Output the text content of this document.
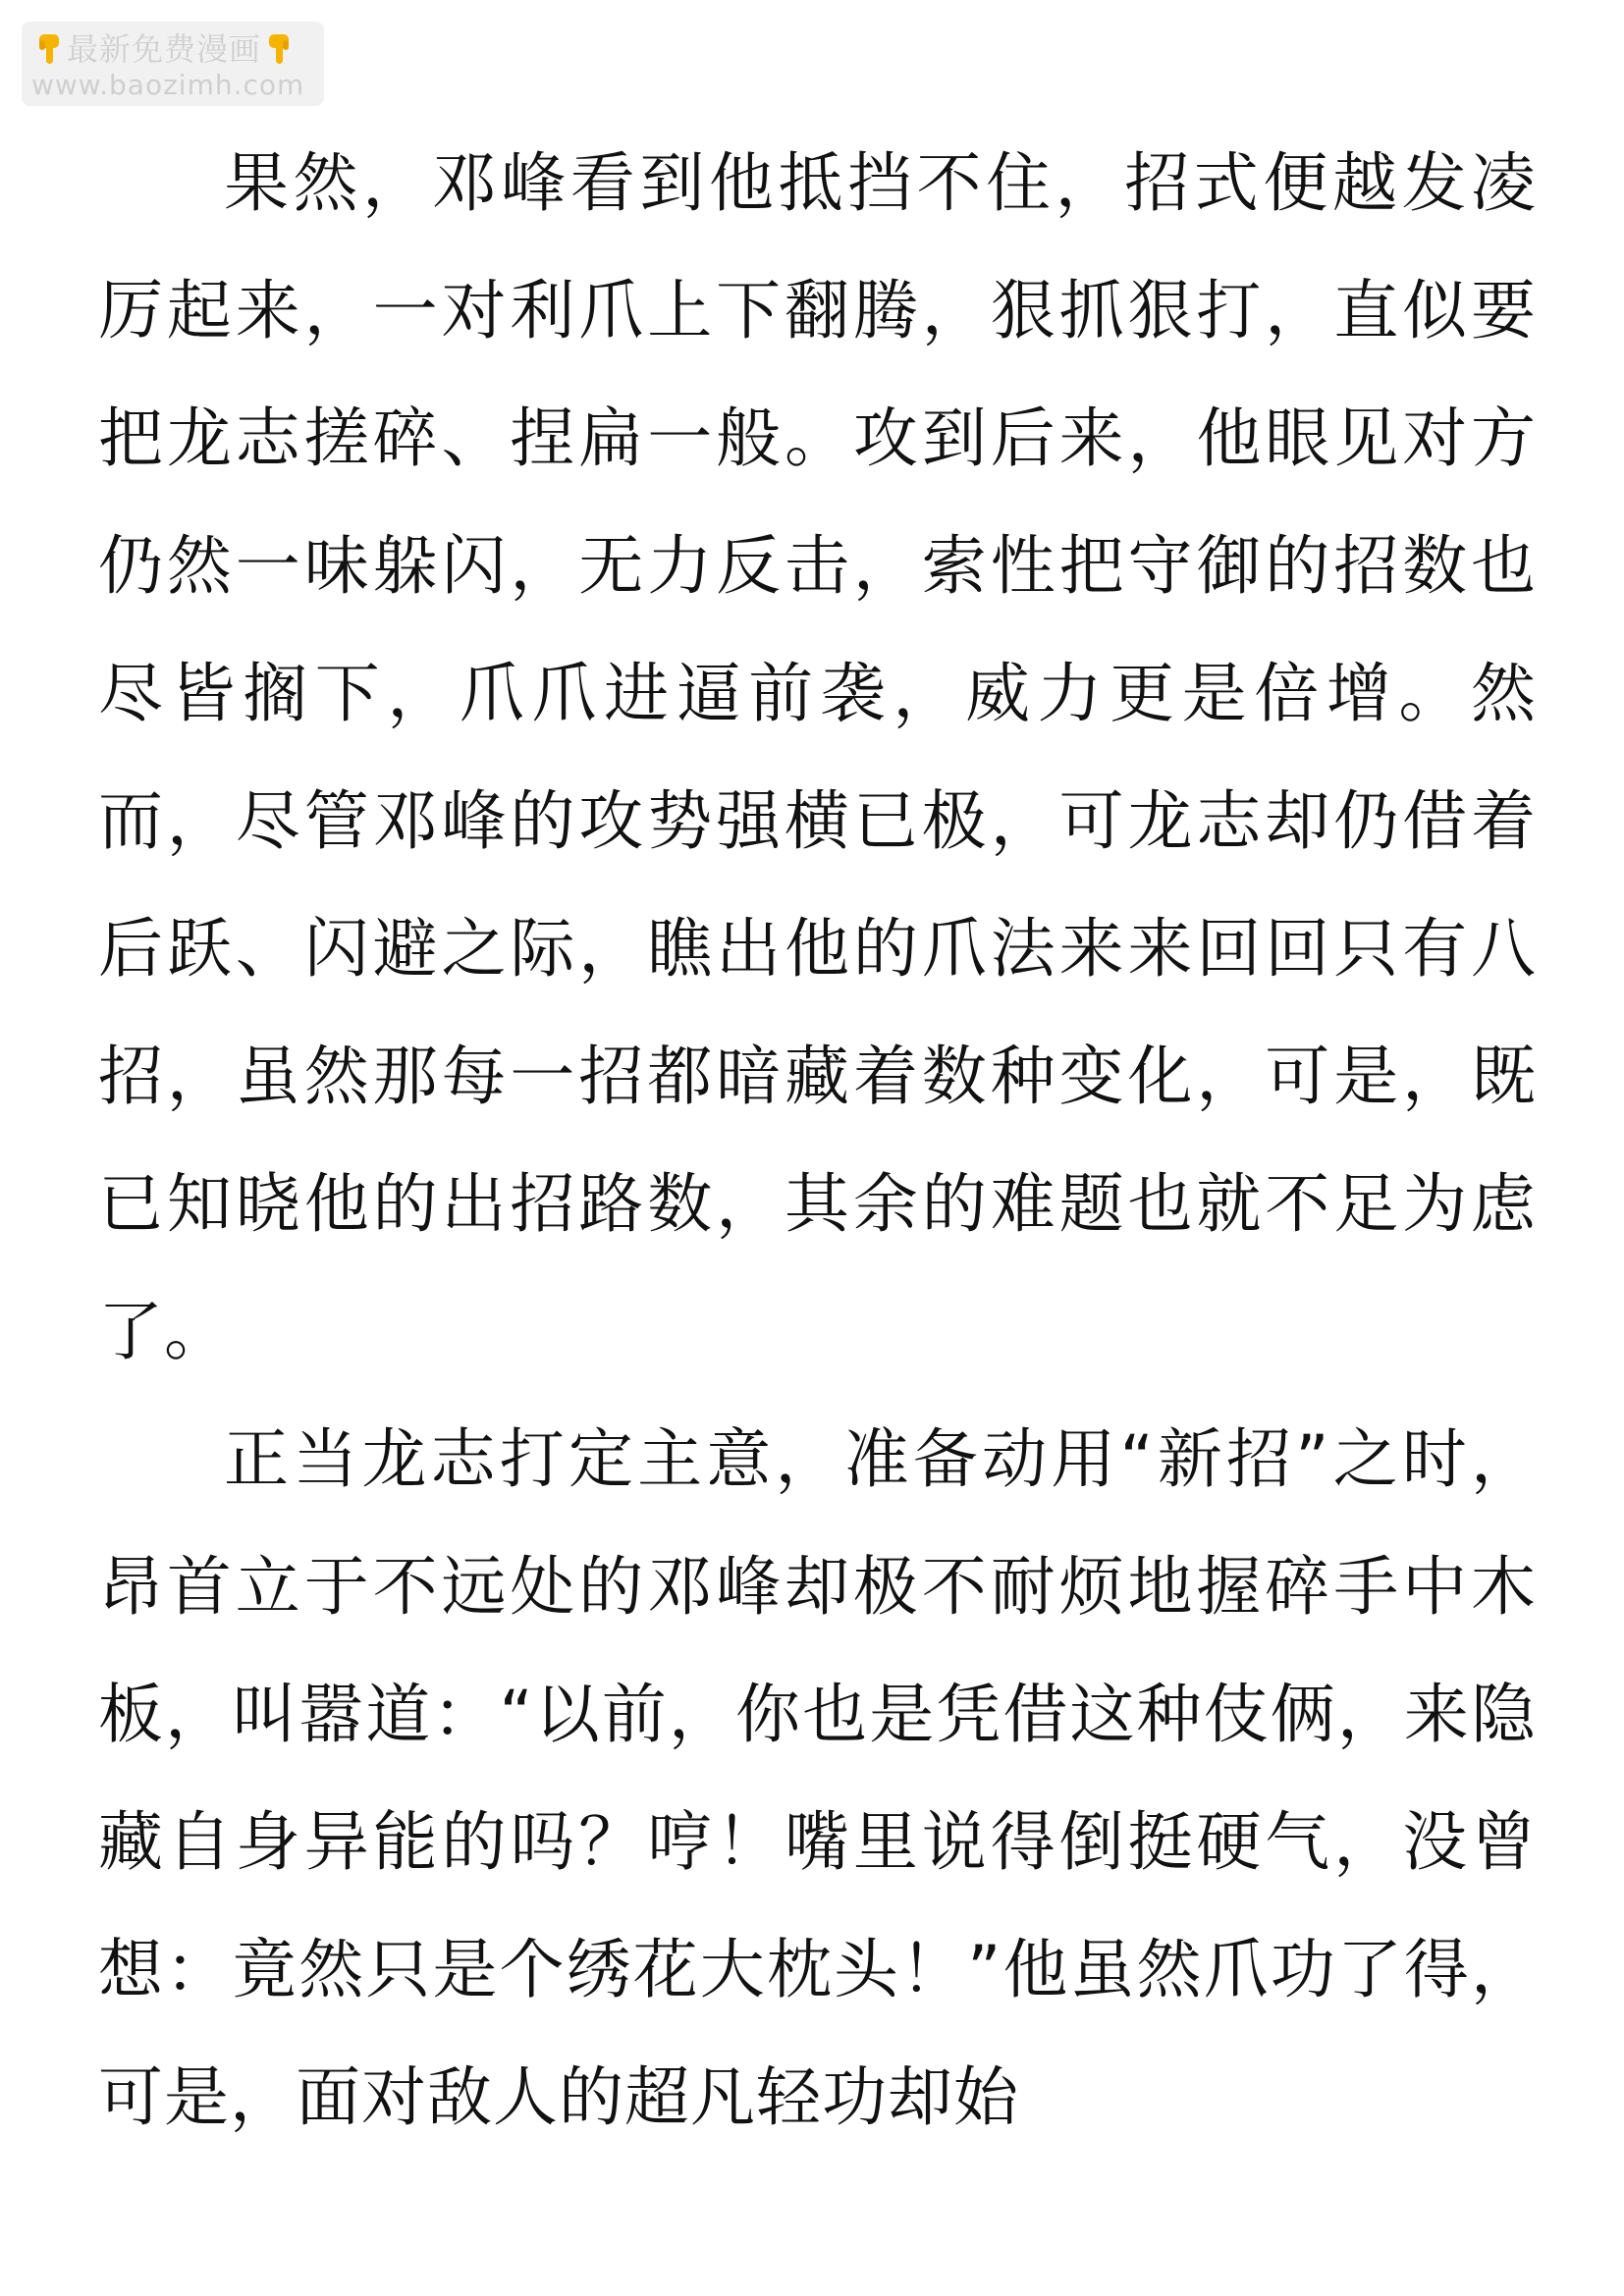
最新免费漫画
www.baozimh.com

果然，邓峰看到他抵挡不住，招式便越发凌厉起来，一对利爪上下翻腾，狠抓狠打，直似要把龙志搓碎、捏扁一般。攻到后来，他眼见对方仍然一味躲闪，无力反击，索性把守御的招数也尽皆搁下，爪爪进逼前袭，威力更是倍增。然而，尽管邓峰的攻势强横已极，可龙志却仍借着后跃、闪避之际，瞧出他的爪法来来回回只有八招，虽然那每一招都暗藏着数种变化，可是，既已知晓他的出招路数，其余的难题也就不足为虑了。

正当龙志打定主意，准备动用“新招”之时，昂首立于不远处的邓峰却极不耐烦地握碎手中木板，叫嚣道：“以前，你也是凭借这种伎俩，来隐藏自身异能的吗？哼！嘴里说得倒挺硬气，没曾想：竟然只是个绣花大枕头！”他虽然爪功了得，可是，面对敌人的超凡轻功却始
